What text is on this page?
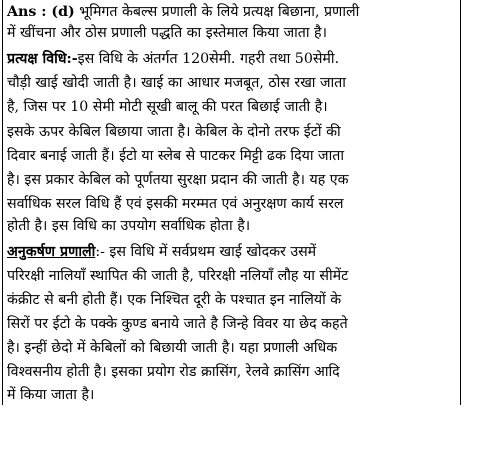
Ans : (d) भूमिगत केबल्स प्रणाली के लिये प्रत्यक्ष बिछाना, प्रणाली
में खींचना और ठोस प्रणाली पद्धति का इस्तेमाल किया जाता है।
प्रत्यक्ष विधि:-इस विधि के अंतर्गत 120सेमी. गहरी तथा 50सेमी.
चौड़ी खाई खोदी जाती है। खाई का आधार मजबूत, ठोस रखा जाता
है, जिस पर 10 सेमी मोटी सूखी बालू की परत बिछाई जाती है।
इसके ऊपर केबिल बिछाया जाता है। केबिल के दोनो तरफ ईटों की
दिवार बनाई जाती हैं। ईटो या स्लेब से पाटकर मिट्टी ढक दिया जाता
है। इस प्रकार केबिल को पूर्णतया सुरक्षा प्रदान की जाती है। यह एक
सर्वाधिक सरल विधि हैं एवं इसकी मरम्मत एवं अनुरक्षण कार्य सरल
होती है। इस विधि का उपयोग सर्वाधिक होता है।
अनुकर्षण प्रणाली:- इस विधि में सर्वप्रथम खाई खोदकर उसमें
परिरक्षी नालियाँ स्थापित की जाती है, परिरक्षी नलियाँ लौह या सीमेंट
कंक्रीट से बनी होती हैं। एक निश्चित दूरी के पश्चात इन नालियों के
सिरों पर ईटो के पक्के कुण्ड बनाये जाते है जिन्हे विवर या छेद कहते
है। इन्हीं छेदो में केबिलों को बिछायी जाती है। यहा प्रणाली अधिक
विश्वसनीय होती है। इसका प्रयोग रोड क्रासिंग, रेलवे क्रासिंग आदि
में किया जाता है।
